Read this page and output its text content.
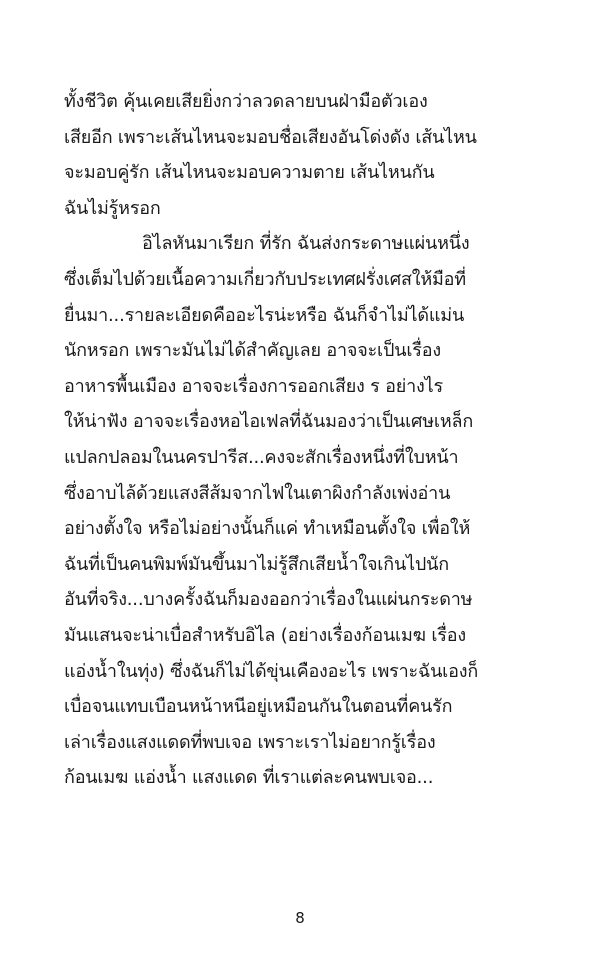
ทั้งชีวิต คุ้นเคยเสียยิ่งกว่าลวดลายบนฝ่ามือตัวเอง
เสียอีก เพราะเส้นไหนจะมอบชื่อเสียงอันโด่งดัง เส้นไหน
จะมอบคู่รัก เส้นไหนจะมอบความตาย เส้นไหนกัน
ฉันไม่รู้หรอก
อิไลหันมาเรียก ที่รัก ฉันส่งกระดาษแผ่นหนึ่ง
ซึ่งเต็มไปด้วยเนื้อความเกี่ยวกับประเทศฝรั่งเศสให้มือที่
ยื่นมา...รายละเอียดคืออะไรน่ะหรือ ฉันก็จำไม่ได้แม่น
นักหรอก เพราะมันไม่ได้สำคัญเลย อาจจะเป็นเรื่อง
อาหารพื้นเมือง อาจจะเรื่องการออกเสียง ร อย่างไร
ให้น่าฟัง อาจจะเรื่องหอไอเฟลที่ฉันมองว่าเป็นเศษเหล็ก
แปลกปลอมในนครปารีส...คงจะสักเรื่องหนึ่งที่ใบหน้า
ซึ่งอาบไล้ด้วยแสงสีส้มจากไฟในเตาผิงกำลังเพ่งอ่าน
อย่างตั้งใจ หรือไม่อย่างนั้นก็แค่ ทำเหมือนตั้งใจ เพื่อให้
ฉันที่เป็นคนพิมพ์มันขึ้นมาไม่รู้สึกเสียน้ำใจเกินไปนัก
อันที่จริง...บางครั้งฉันก็มองออกว่าเรื่องในแผ่นกระดาษ
มันแสนจะน่าเบื่อสำหรับอิไล (อย่างเรื่องก้อนเมฆ เรื่อง
แอ่งน้ำในทุ่ง) ซึ่งฉันก็ไม่ได้ขุ่นเคืองอะไร เพราะฉันเองก็
เบื่อจนแทบเบือนหน้าหนีอยู่เหมือนกันในตอนที่คนรัก
เล่าเรื่องแสงแดดที่พบเจอ เพราะเราไม่อยากรู้เรื่อง
ก้อนเมฆ แอ่งน้ำ แสงแดด ที่เราแต่ละคนพบเจอ...
8
